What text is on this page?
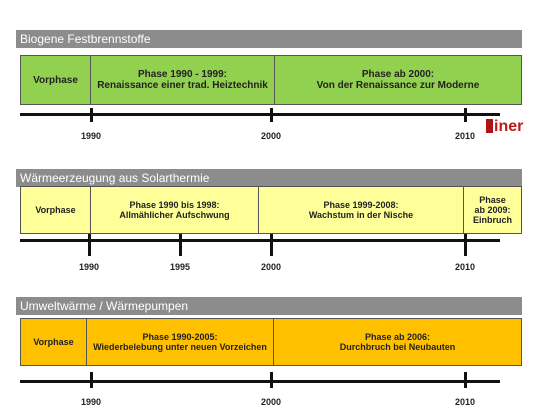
Biogene Festbrennstoffe
Vorphase	Phase 1990 - 1999:
Renaissance einer trad. Heiztechnik
Phase ab 2000:
Von der Renaissance zur Moderne
1990	2000	2010
iner
Wärmeerzeugung aus Solarthermie
Vorphase	Phase 1990 bis 1998:
Allmählicher Aufschwung
Phase 1999-2008:
Wachstum in der Nische
Phase
ab 2009:
Einbruch
1990	1995	2000	2010
Umweltwärme / Wärmepumpen
Vorphase	Phase 1990-2005:
Wiederbelebung unter neuen Vorzeichen
Phase ab 2006:
Durchbruch bei Neubauten
1990	2000	2010
